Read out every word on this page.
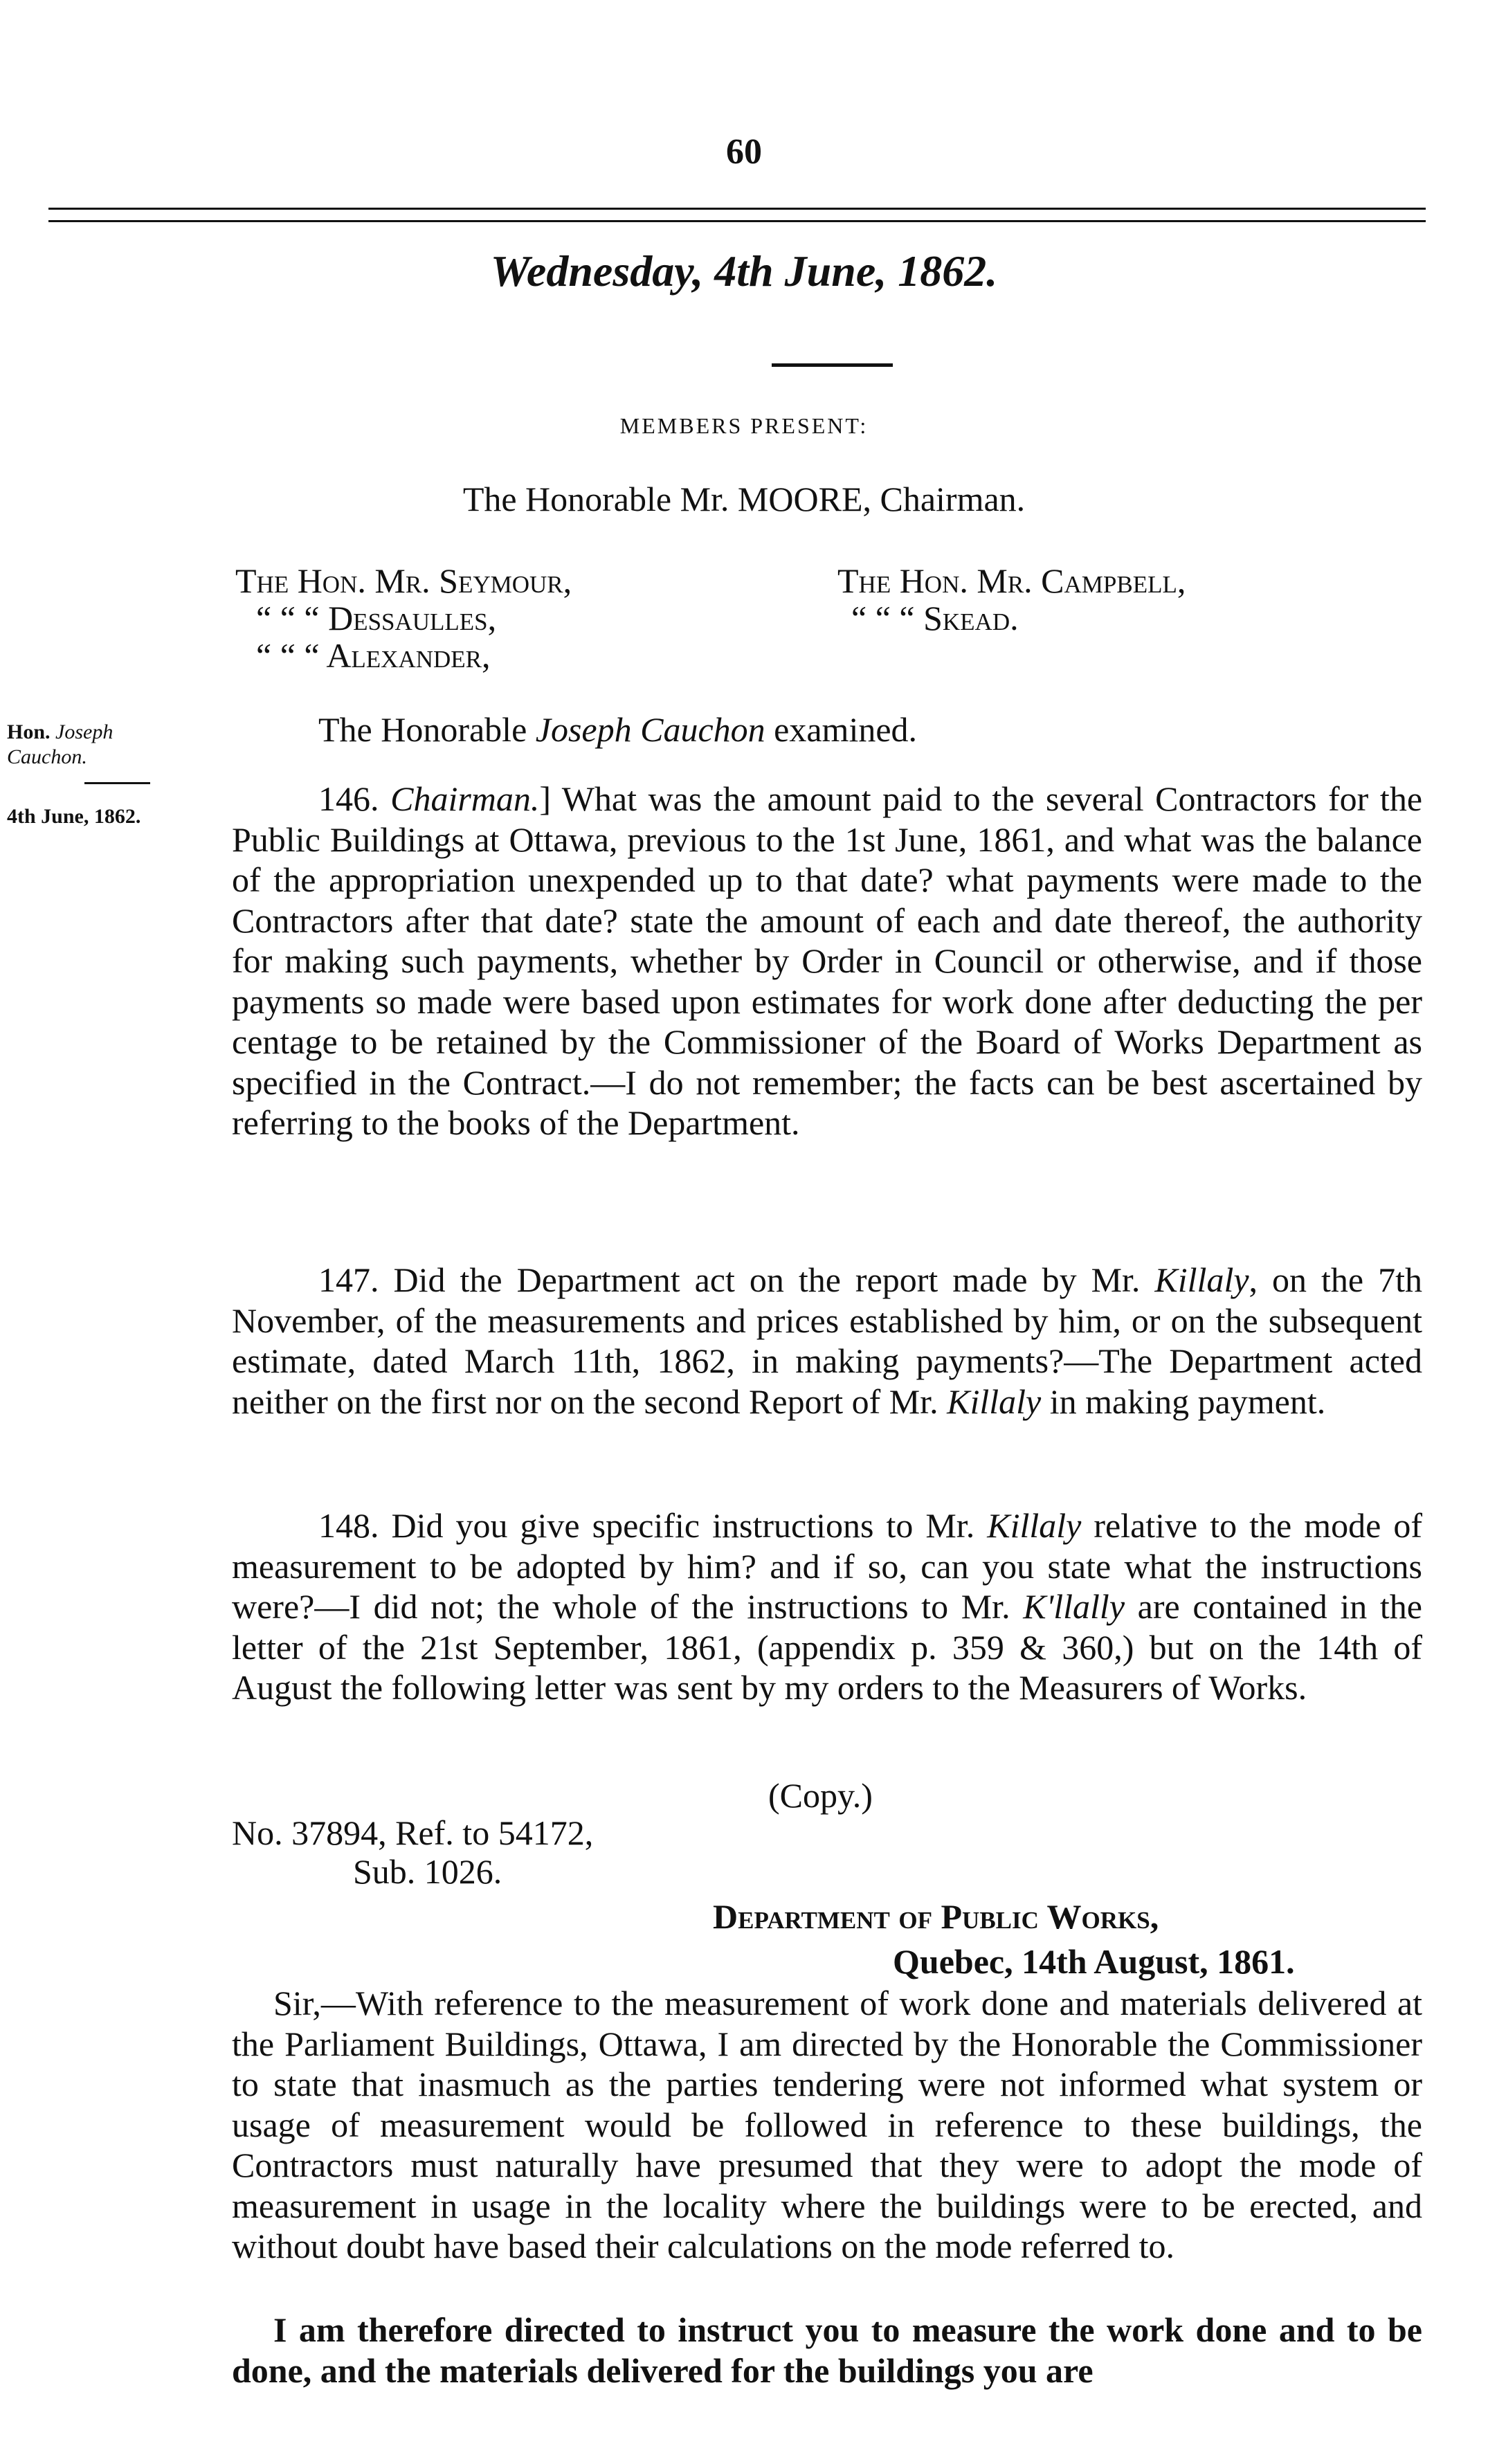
60
Wednesday, 4th June, 1862.
MEMBERS PRESENT:
The Honorable Mr. MOORE, Chairman.
The Hon. Mr. Seymour,
“ “ “ Dessaulles,
“ “ “ Alexander,
The Hon. Mr. Campbell,
“ “ “ Skead.
Hon. Joseph
Cauchon.
4th June, 1862.
The Honorable Joseph Cauchon examined.
146. Chairman.] What was the amount paid to the several Contractors for the Public Buildings at Ottawa, previous to the 1st June, 1861, and what was the balance of the appropriation unexpended up to that date? what payments were made to the Contractors after that date? state the amount of each and date thereof, the authority for making such payments, whether by Order in Council or otherwise, and if those payments so made were based upon estimates for work done after deducting the per centage to be retained by the Commissioner of the Board of Works Department as specified in the Contract.—I do not remember; the facts can be best ascertained by referring to the books of the Department.
147. Did the Department act on the report made by Mr. Killaly, on the 7th November, of the measurements and prices established by him, or on the subsequent estimate, dated March 11th, 1862, in making payments?—The Department acted neither on the first nor on the second Report of Mr. Killaly in making payment.
148. Did you give specific instructions to Mr. Killaly relative to the mode of measurement to be adopted by him? and if so, can you state what the instructions were?—I did not; the whole of the instructions to Mr. K'llally are contained in the letter of the 21st September, 1861, (appendix p. 359 & 360,) but on the 14th of August the following letter was sent by my orders to the Measurers of Works.
(Copy.)
No. 37894, Ref. to 54172,
Sub. 1026.
Department of Public Works,
Quebec, 14th August, 1861.
Sir,—With reference to the measurement of work done and materials delivered at the Parliament Buildings, Ottawa, I am directed by the Honorable the Commissioner to state that inasmuch as the parties tendering were not informed what system or usage of measurement would be followed in reference to these buildings, the Contractors must naturally have presumed that they were to adopt the mode of measurement in usage in the locality where the buildings were to be erected, and without doubt have based their calculations on the mode referred to.
I am therefore directed to instruct you to measure the work done and to be done, and the materials delivered for the buildings you are
